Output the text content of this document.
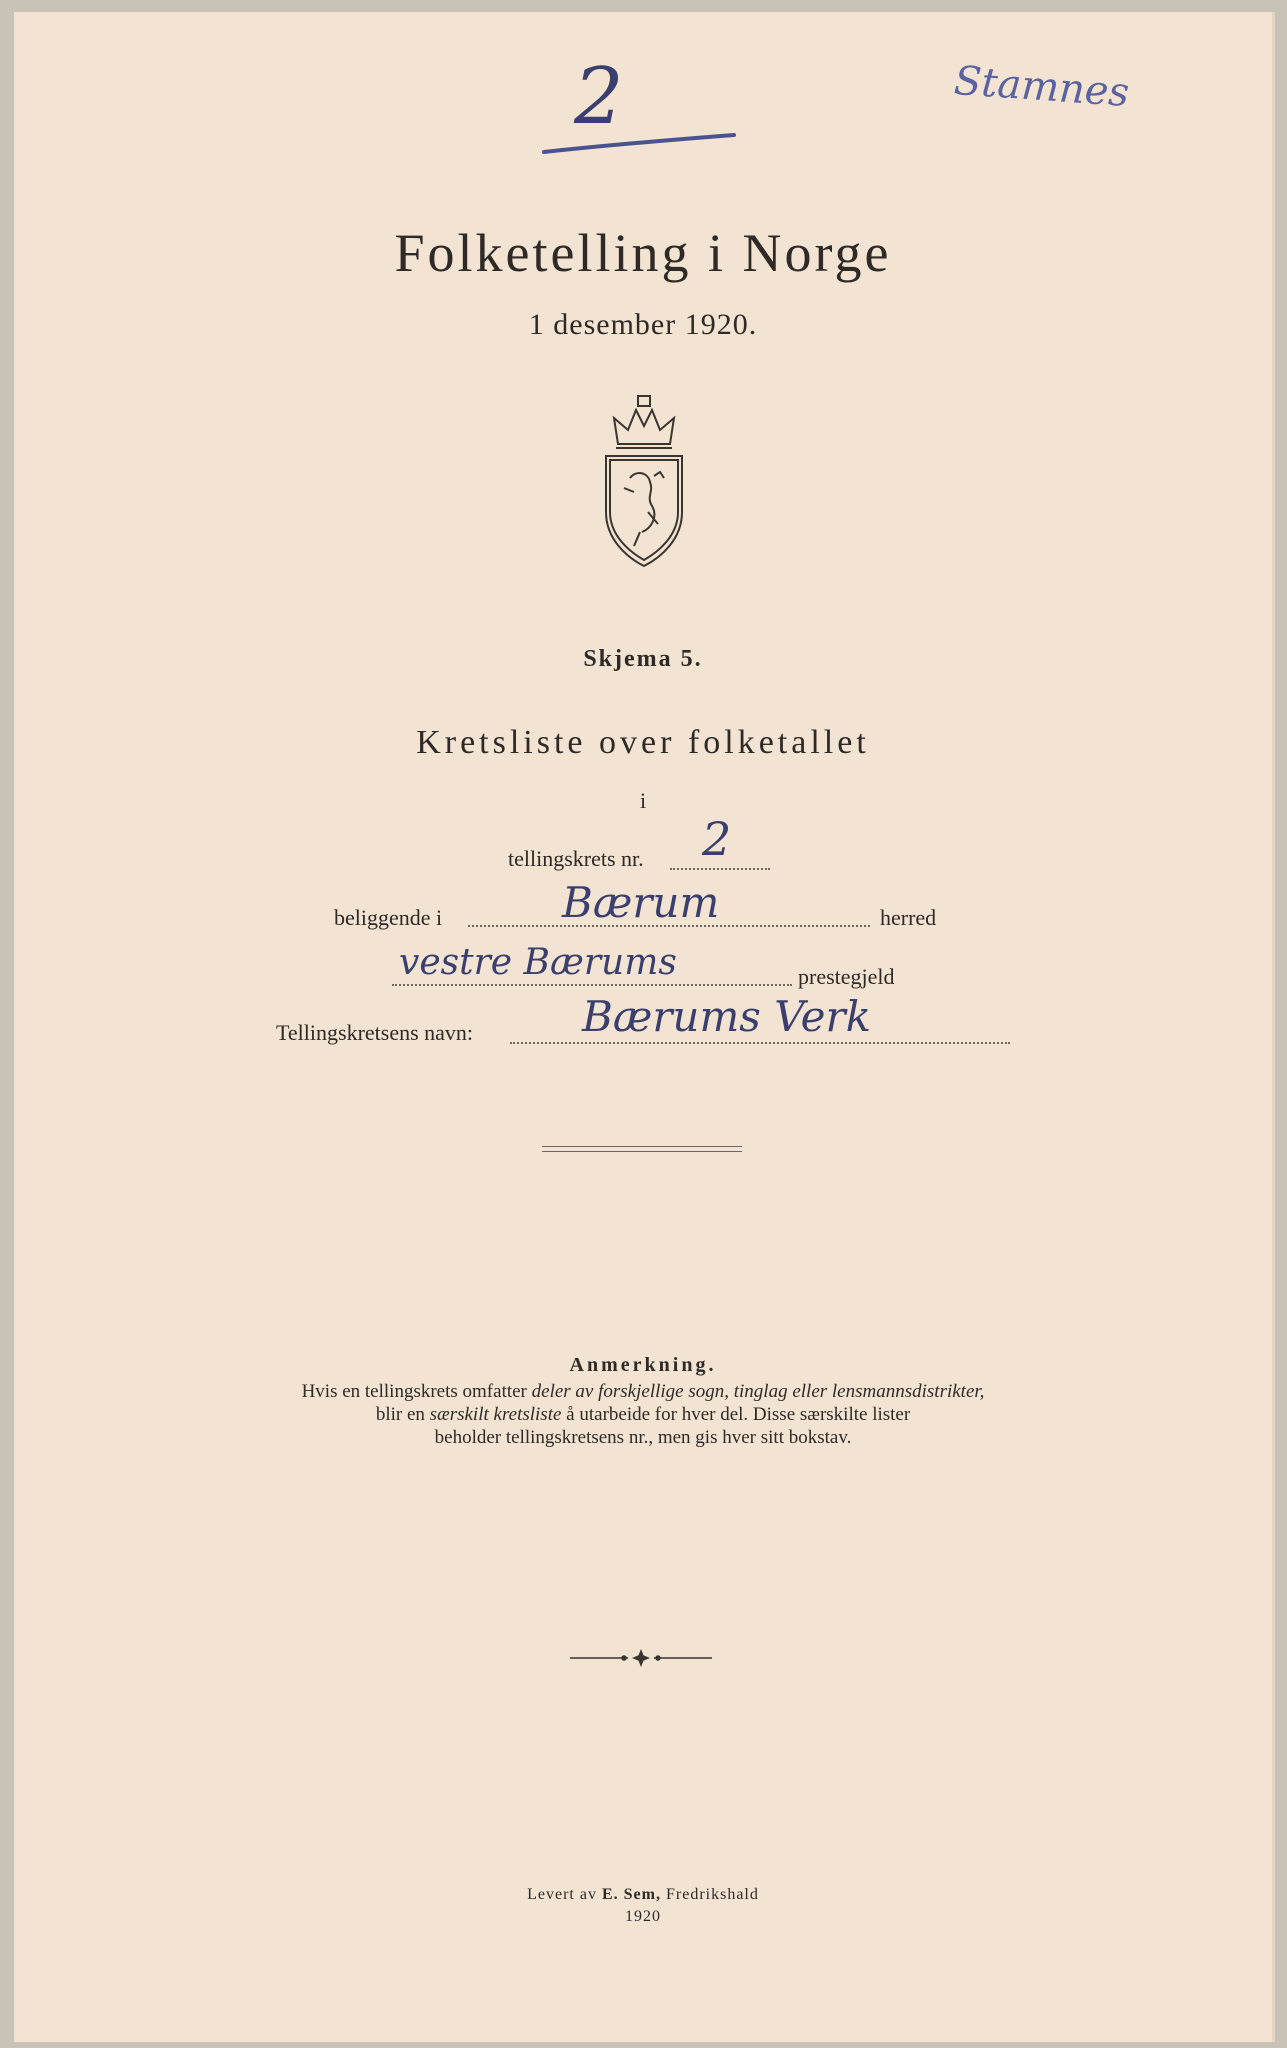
2	Stamnes
Folketelling i Norge
1 desember 1920.
Skjema 5.
Kretsliste over folketallet
i
tellingskrets nr. 2
beliggende i	Bærum	herred
vestre Bærums	prestegjeld
Tellingskretsens navn:	Bærums Verk
Anmerkning.
Hvis en tellingskrets omfatter deler av forskjellige sogn, tinglag eller lensmannsdistrikter,
blir en særskilt kretsliste å utarbeide for hver del. Disse særskilte lister
beholder tellingskretsens nr., men gis hver sitt bokstav.
Levert av E. Sem, Fredrikshald
1920
